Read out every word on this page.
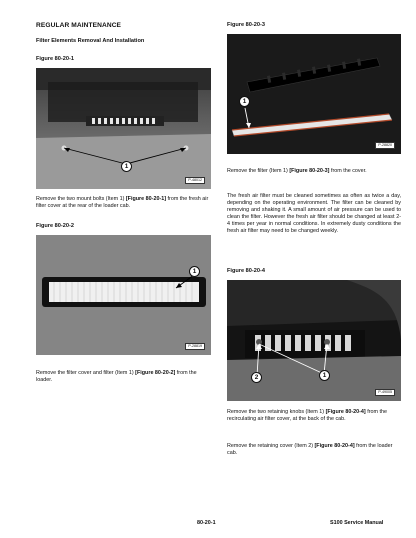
REGULAR MAINTENANCE
Filter Elements Removal And Installation
Figure 80-20-1
1
P-48012
Remove the two mount bolts (Item 1) [Figure 80-20-1] from the fresh air filter cover at the rear of the loader cab.
Figure 80-20-2
1
P-28819
Remove the filter cover and filter (Item 1) [Figure 80-20-2] from the loader.
Figure 80-20-3
1
P-28820
Remove the filter (Item 1) [Figure 80-20-3] from the cover.
The fresh air filter must be cleaned sometimes as often as twice a day, depending on the operating environment. The filter can be cleaned by removing and shaking it. A small amount of air pressure can be used to clean the filter. However the fresh air filter should be changed at least 2-4 times per year in normal conditions. In extremely dusty conditions the fresh air filter may need to be changed weekly.
Figure 80-20-4
2	1
P-49005
Remove the two retaining knobs (Item 1) [Figure 80-20-4] from the recirculating air filter cover, at the back of the cab.
Remove the retaining cover (Item 2) [Figure 80-20-4] from the loader cab.
80-20-1	S100 Service Manual
